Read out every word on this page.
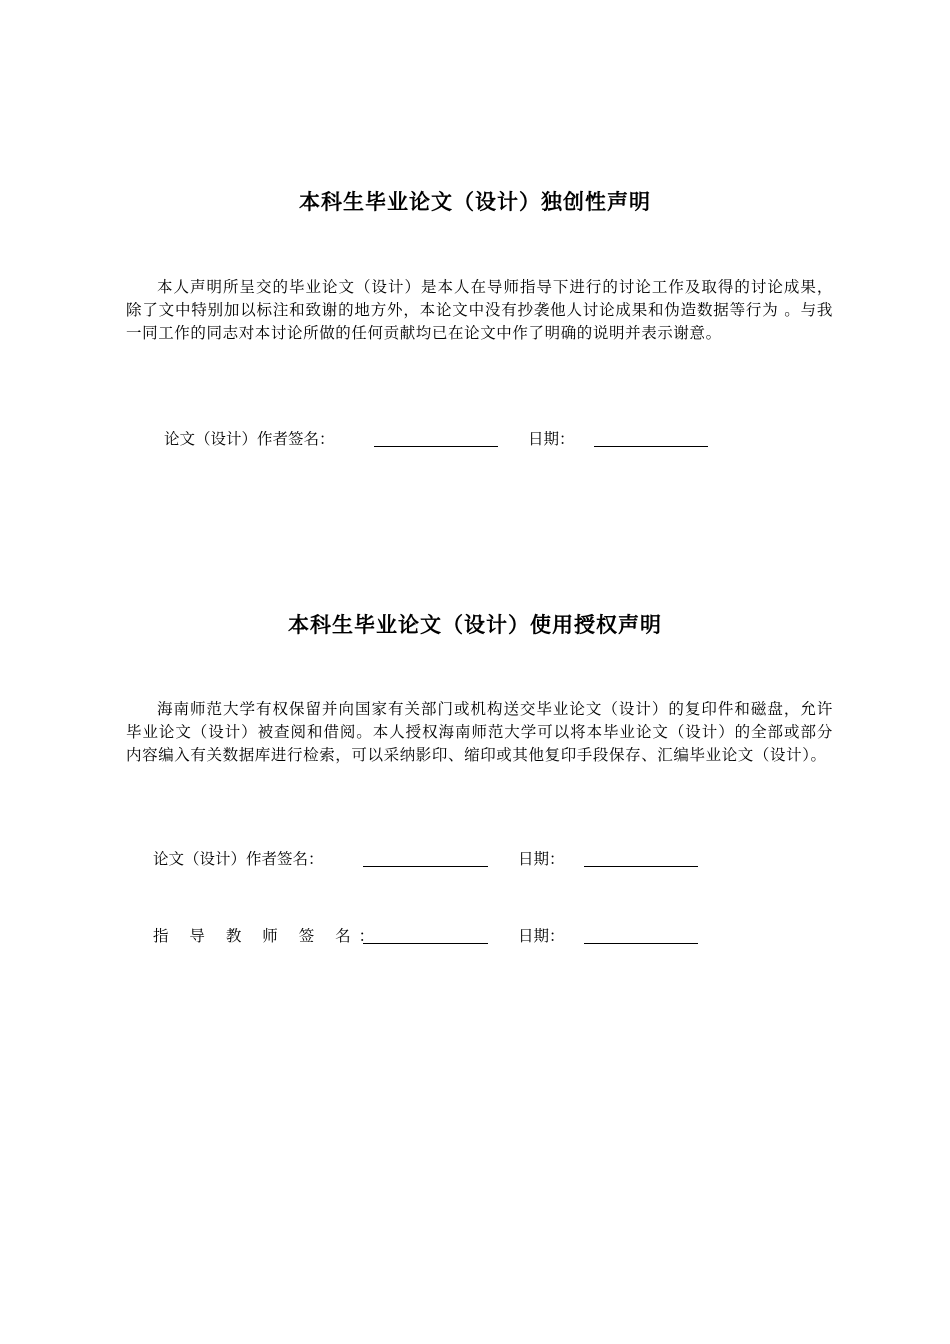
本科生毕业论文（设计）独创性声明

本人声明所呈交的毕业论文（设计）是本人在导师指导下进行的讨论工作及取得的讨论成果，除了文中特别加以标注和致谢的地方外，本论文中没有抄袭他人讨论成果和伪造数据等行为 。与我一同工作的同志对本讨论所做的任何贡献均已在论文中作了明确的说明并表示谢意。

论文（设计）作者签名：	日期：
本科生毕业论文（设计）使用授权声明

海南师范大学有权保留并向国家有关部门或机构送交毕业论文（设计）的复印件和磁盘，允许毕业论文（设计）被查阅和借阅。本人授权海南师范大学可以将本毕业论文（设计）的全部或部分内容编入有关数据库进行检索，可以采纳影印、缩印或其他复印手段保存、汇编毕业论文（设计）。

论文（设计）作者签名：	日期：
指 导 教 师 签 名：	日期：
